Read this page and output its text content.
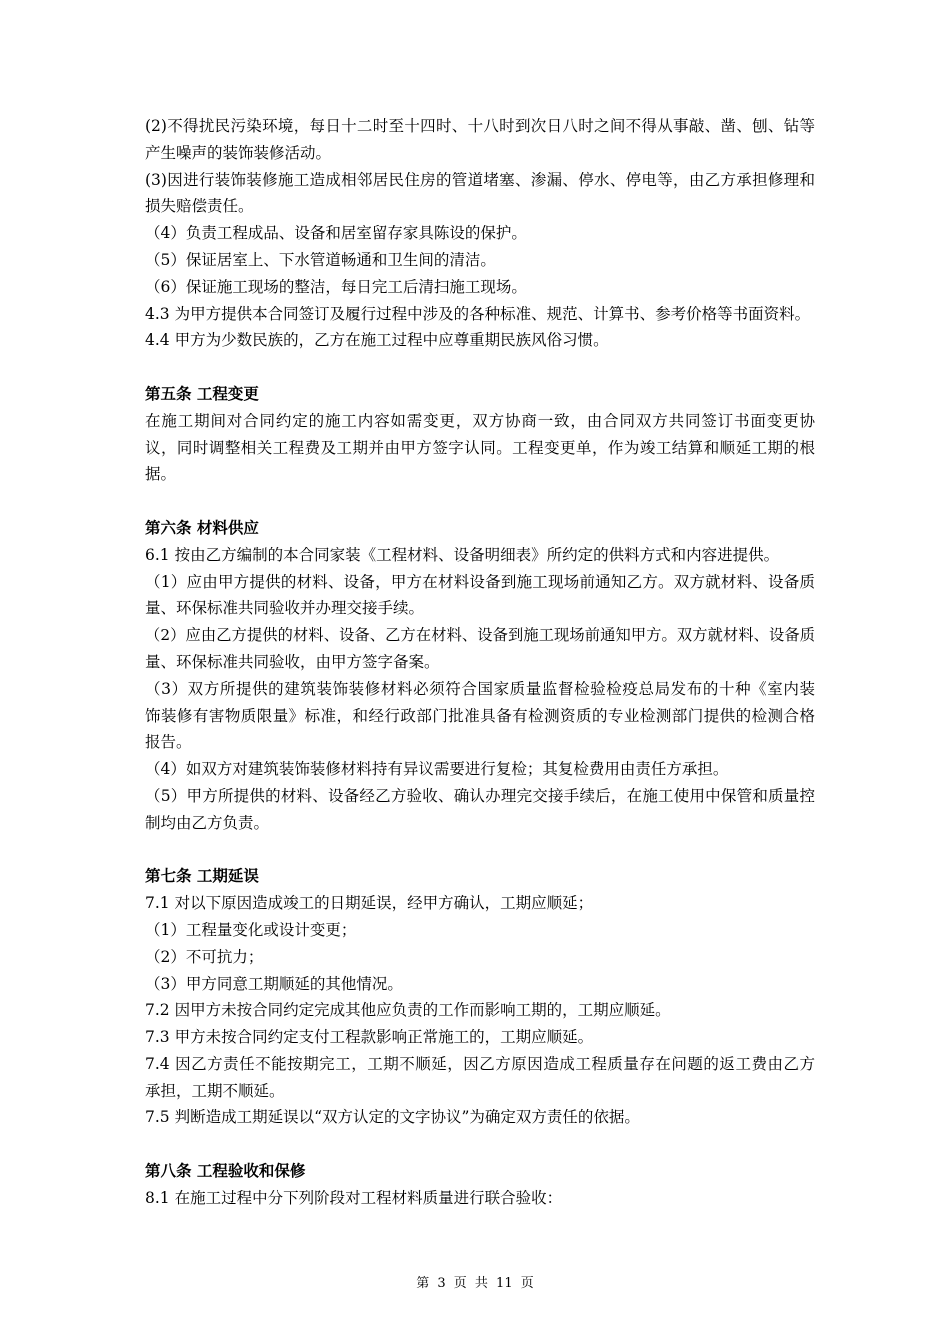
(2)不得扰民污染环境，每日十二时至十四时、十八时到次日八时之间不得从事敲、凿、刨、钻等
产生噪声的装饰装修活动。
(3)因进行装饰装修施工造成相邻居民住房的管道堵塞、渗漏、停水、停电等，由乙方承担修理和
损失赔偿责任。
（4）负责工程成品、设备和居室留存家具陈设的保护。
（5）保证居室上、下水管道畅通和卫生间的清洁。
（6）保证施工现场的整洁，每日完工后清扫施工现场。
4.3 为甲方提供本合同签订及履行过程中涉及的各种标准、规范、计算书、参考价格等书面资料。
4.4 甲方为少数民族的，乙方在施工过程中应尊重期民族风俗习惯。
第五条 工程变更
在施工期间对合同约定的施工内容如需变更，双方协商一致，由合同双方共同签订书面变更协
议，同时调整相关工程费及工期并由甲方签字认同。工程变更单，作为竣工结算和顺延工期的根
据。
第六条 材料供应
6.1 按由乙方编制的本合同家装《工程材料、设备明细表》所约定的供料方式和内容进提供。
（1）应由甲方提供的材料、设备，甲方在材料设备到施工现场前通知乙方。双方就材料、设备质
量、环保标准共同验收并办理交接手续。
（2）应由乙方提供的材料、设备、乙方在材料、设备到施工现场前通知甲方。双方就材料、设备质
量、环保标准共同验收，由甲方签字备案。
（3）双方所提供的建筑装饰装修材料必须符合国家质量监督检验检疫总局发布的十种《室内装
饰装修有害物质限量》标准，和经行政部门批准具备有检测资质的专业检测部门提供的检测合格
报告。
（4）如双方对建筑装饰装修材料持有异议需要进行复检；其复检费用由责任方承担。
（5）甲方所提供的材料、设备经乙方验收、确认办理完交接手续后，在施工使用中保管和质量控
制均由乙方负责。
第七条 工期延误
7.1 对以下原因造成竣工的日期延误，经甲方确认，工期应顺延；
（1）工程量变化或设计变更；
（2）不可抗力；
（3）甲方同意工期顺延的其他情况。
7.2 因甲方未按合同约定完成其他应负责的工作而影响工期的，工期应顺延。
7.3 甲方未按合同约定支付工程款影响正常施工的，工期应顺延。
7.4 因乙方责任不能按期完工，工期不顺延，因乙方原因造成工程质量存在问题的返工费由乙方
承担，工期不顺延。
7.5 判断造成工期延误以“双方认定的文字协议”为确定双方责任的依据。
第八条 工程验收和保修
8.1 在施工过程中分下列阶段对工程材料质量进行联合验收：
第 3 页 共 11 页
